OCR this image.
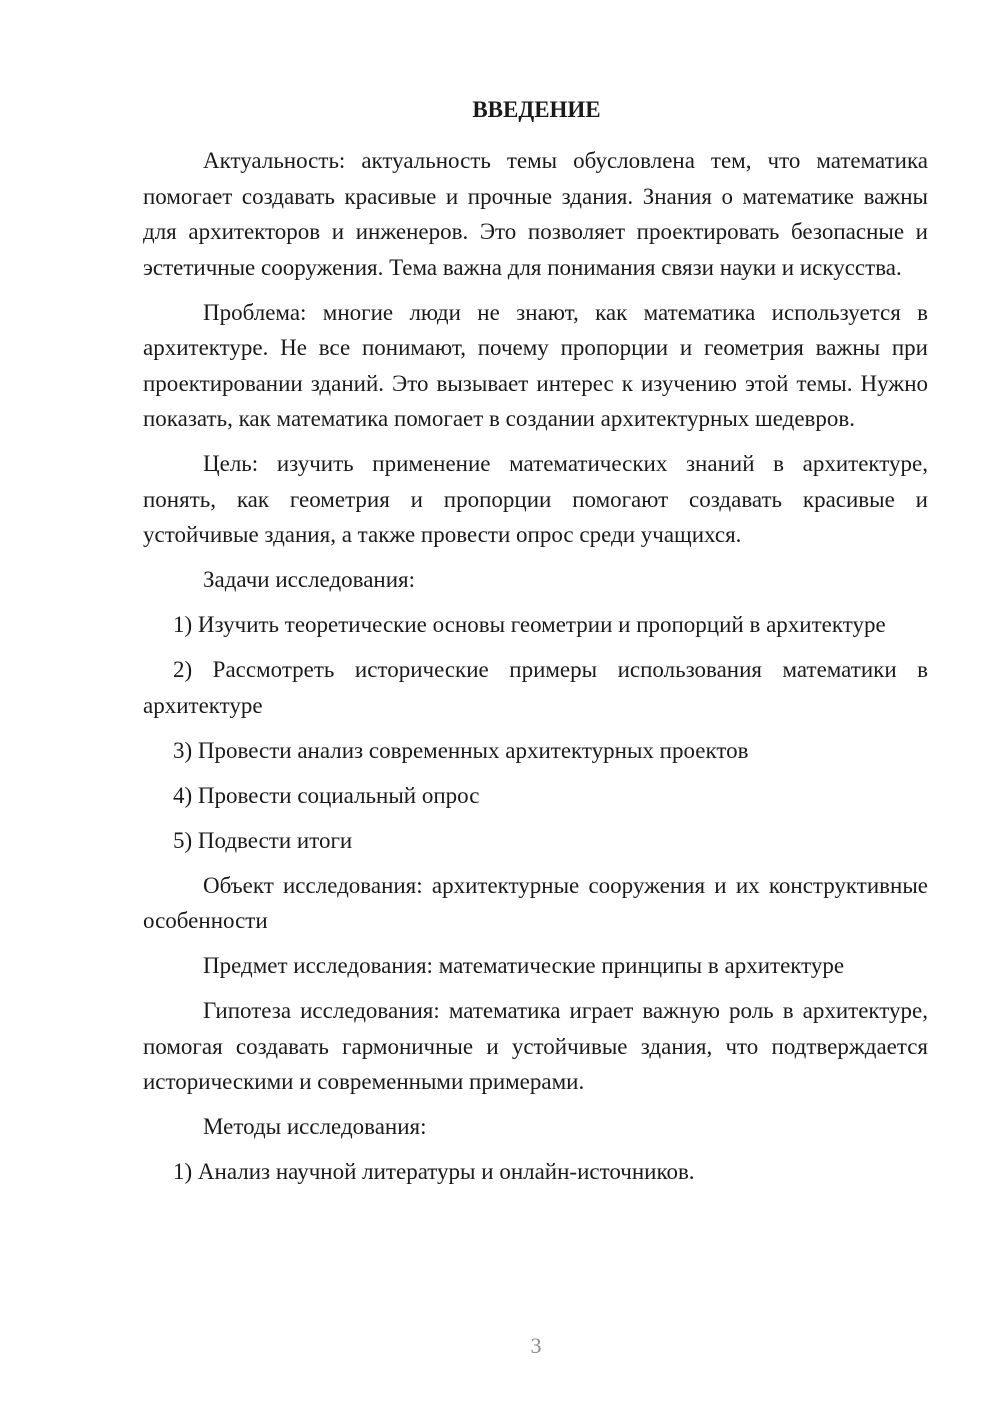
ВВЕДЕНИЕ

Актуальность: актуальность темы обусловлена тем, что математика помогает создавать красивые и прочные здания. Знания о математике важны для архитекторов и инженеров. Это позволяет проектировать безопасные и эстетичные сооружения. Тема важна для понимания связи науки и искусства.

Проблема: многие люди не знают, как математика используется в архитектуре. Не все понимают, почему пропорции и геометрия важны при проектировании зданий. Это вызывает интерес к изучению этой темы. Нужно показать, как математика помогает в создании архитектурных шедевров.

Цель: изучить применение математических знаний в архитектуре, понять, как геометрия и пропорции помогают создавать красивые и устойчивые здания, а также провести опрос среди учащихся.

Задачи исследования:

1) Изучить теоретические основы геометрии и пропорций в архитектуре

2) Рассмотреть исторические примеры использования математики в архитектуре

3) Провести анализ современных архитектурных проектов

4) Провести социальный опрос

5) Подвести итоги

Объект исследования: архитектурные сооружения и их конструктивные особенности

Предмет исследования: математические принципы в архитектуре

Гипотеза исследования: математика играет важную роль в архитектуре, помогая создавать гармоничные и устойчивые здания, что подтверждается историческими и современными примерами.

Методы исследования:

1) Анализ научной литературы и онлайн-источников.

3
